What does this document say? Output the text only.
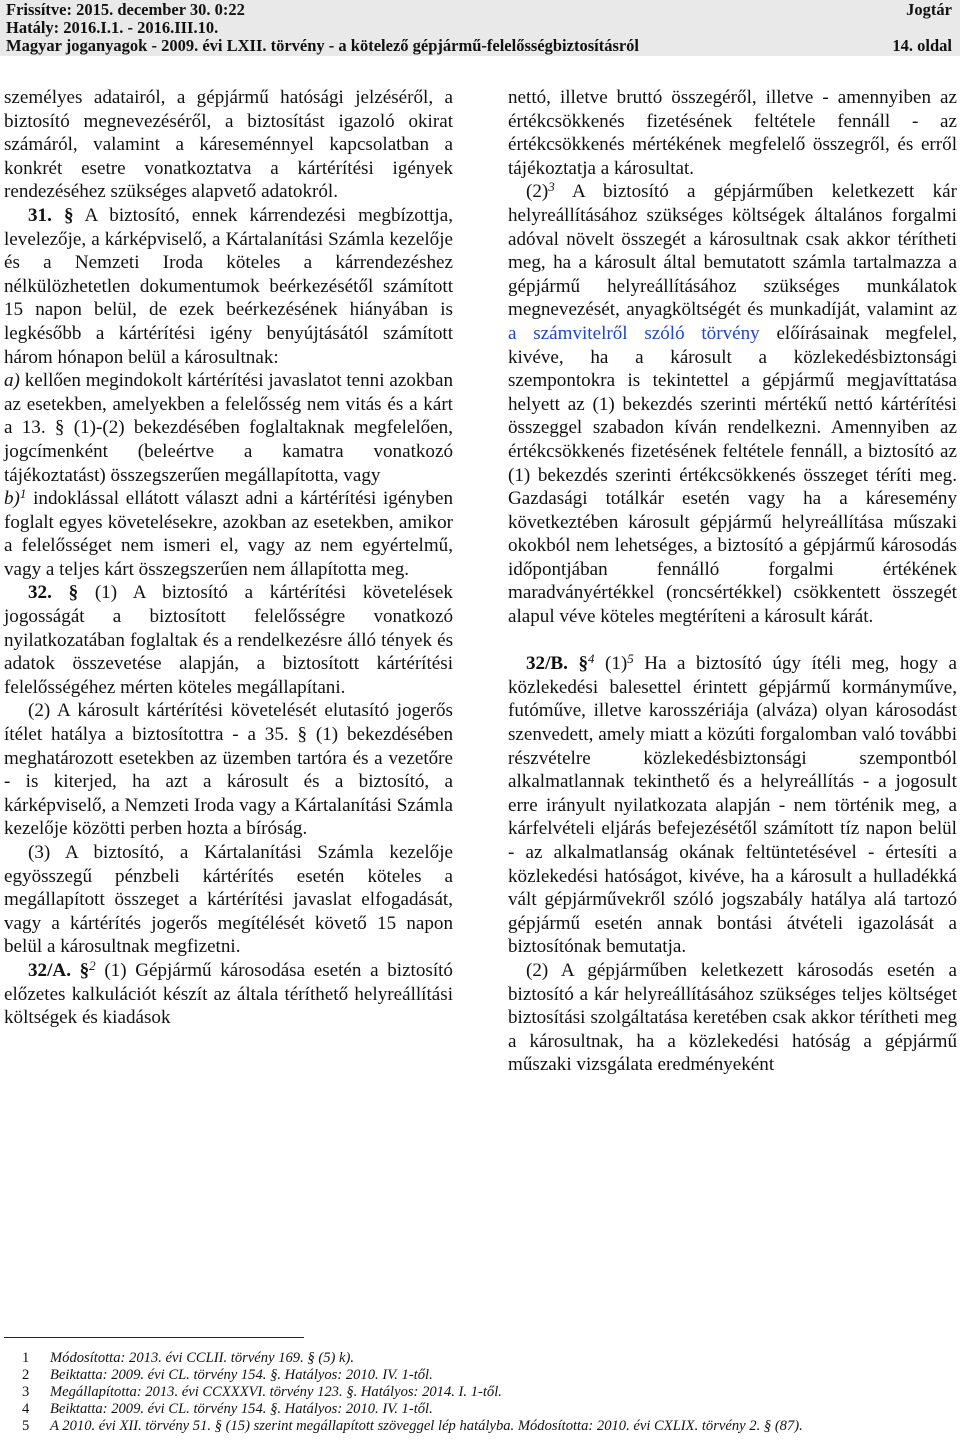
Frissítve: 2015. december 30. 0:22
Hatály: 2016.I.1. - 2016.III.10.
Magyar joganyagok - 2009. évi LXII. törvény - a kötelező gépjármű-felelősségbiztosításról
Jogtár
14. oldal

személyes adatairól, a gépjármű hatósági jelzéséről, a biztosító megnevezéséről, a biztosítást igazoló okirat számáról, valamint a káreseménnyel kapcsolatban a konkrét esetre vonatkoztatva a kártérítési igények rendezéséhez szükséges alapvető adatokról.

31. § A biztosító, ennek kárrendezési megbízottja, levelezője, a kárképviselő, a Kártalanítási Számla kezelője és a Nemzeti Iroda köteles a kárrendezéshez nélkülözhetetlen dokumentumok beérkezésétől számított 15 napon belül, de ezek beérkezésének hiányában is legkésőbb a kártérítési igény benyújtásától számított három hónapon belül a károsultnak:

a) kellően megindokolt kártérítési javaslatot tenni azokban az esetekben, amelyekben a felelősség nem vitás és a kárt a 13. § (1)-(2) bekezdésében foglaltaknak megfelelően, jogcímenként (beleértve a kamatra vonatkozó tájékoztatást) összegszerűen megállapította, vagy

b)$^1$ indoklással ellátott választ adni a kártérítési igényben foglalt egyes követelésekre, azokban az esetekben, amikor a felelősséget nem ismeri el, vagy az nem egyértelmű, vagy a teljes kárt összegszerűen nem állapította meg.

32. § (1) A biztosító a kártérítési követelések jogosságát a biztosított felelősségre vonatkozó nyilatkozatában foglaltak és a rendelkezésre álló tények és adatok összevetése alapján, a biztosított kártérítési felelősségéhez mérten köteles megállapítani.

(2) A károsult kártérítési követelését elutasító jogerős ítélet hatálya a biztosítottra - a 35. § (1) bekezdésében meghatározott esetekben az üzemben tartóra és a vezetőre - is kiterjed, ha azt a károsult és a biztosító, a kárképviselő, a Nemzeti Iroda vagy a Kártalanítási Számla kezelője közötti perben hozta a bíróság.

(3) A biztosító, a Kártalanítási Számla kezelője egyösszegű pénzbeli kártérítés esetén köteles a megállapított összeget a kártérítési javaslat elfogadását, vagy a kártérítés jogerős megítélését követő 15 napon belül a károsultnak megfizetni.

32/A. §$^2$ (1) Gépjármű károsodása esetén a biztosító előzetes kalkulációt készít az általa téríthető helyreállítási költségek és kiadások

nettó, illetve bruttó összegéről, illetve - amennyiben az értékcsökkenés fizetésének feltétele fennáll - az értékcsökkenés mértékének megfelelő összegről, és erről tájékoztatja a károsultat.

$(2)^3$ A biztosító a gépjárműben keletkezett kár helyreállításához szükséges költségek általános forgalmi adóval növelt összegét a károsultnak csak akkor térítheti meg, ha a károsult által bemutatott számla tartalmazza a gépjármű helyreállításához szükséges munkálatok megnevezését, anyagköltségét és munkadíját, valamint az a számvitelről szóló törvény előírásainak megfelel, kivéve, ha a károsult a közlekedésbiztonsági szempontokra is tekintettel a gépjármű megjavíttatása helyett az (1) bekezdés szerinti mértékű nettó kártérítési összeggel szabadon kíván rendelkezni. Amennyiben az értékcsökkenés fizetésének feltétele fennáll, a biztosító az (1) bekezdés szerinti értékcsökkenés összeget téríti meg. Gazdasági totálkár esetén vagy ha a káresemény következtében károsult gépjármű helyreállítása műszaki okokból nem lehetséges, a biztosító a gépjármű károsodás időpontjában fennálló forgalmi értékének maradványértékkel (roncsértékkel) csökkentett összegét alapul véve köteles megtéríteni a károsult kárát.

32/B. §$^4$ $(1)^5$ Ha a biztosító úgy ítéli meg, hogy a közlekedési balesettel érintett gépjármű kormányműve, futóműve, illetve karosszériája (alváza) olyan károsodást szenvedett, amely miatt a közúti forgalomban való további részvételre közlekedésbiztonsági szempontból alkalmatlannak tekinthető és a helyreállítás - a jogosult erre irányult nyilatkozata alapján - nem történik meg, a kárfelvételi eljárás befejezésétől számított tíz napon belül - az alkalmatlanság okának feltüntetésével - értesíti a közlekedési hatóságot, kivéve, ha a károsult a hulladékká vált gépjárművekről szóló jogszabály hatálya alá tartozó gépjármű esetén annak bontási átvételi igazolását a biztosítónak bemutatja.

(2) A gépjárműben keletkezett károsodás esetén a biztosító a kár helyreállításához szükséges teljes költséget biztosítási szolgáltatása keretében csak akkor térítheti meg a károsultnak, ha a közlekedési hatóság a gépjármű műszaki vizsgálata eredményeként

1 Módosította: 2013. évi CCLII. törvény 169. § (5) k).
2 Beiktatta: 2009. évi CL. törvény 154. §. Hatályos: 2010. IV. 1-től.
3 Megállapította: 2013. évi CCXXXVI. törvény 123. §. Hatályos: 2014. I. 1-től.
4 Beiktatta: 2009. évi CL. törvény 154. §. Hatályos: 2010. IV. 1-től.
5 A 2010. évi XII. törvény 51. § (15) szerint megállapított szöveggel lép hatályba. Módosította: 2010. évi CXLIX. törvény 2. § (87).
